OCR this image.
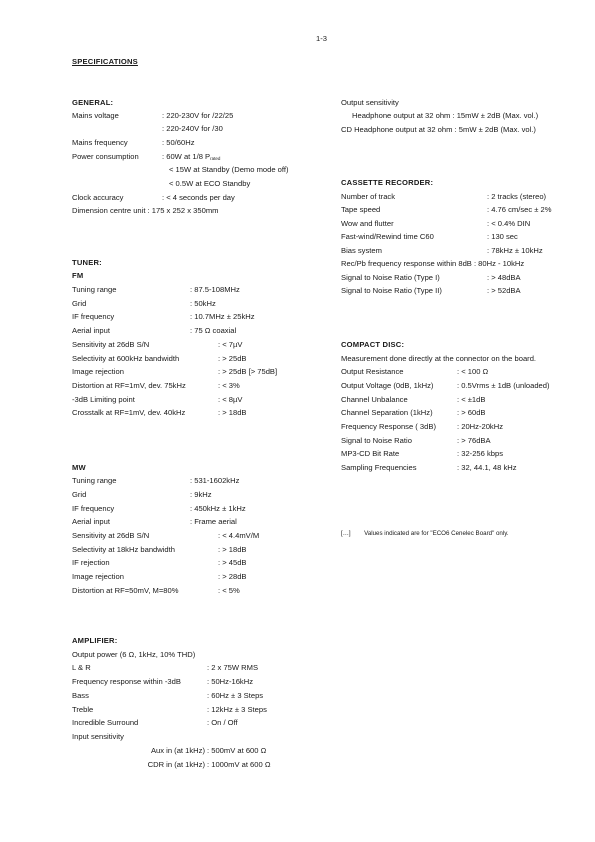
1-3
SPECIFICATIONS
GENERAL:
Mains voltage	: 220-230V for /22/25
: 220-240V for /30
Mains frequency	: 50/60Hz
Power consumption	: 60W at 1/8 $P_{rated}$
< 15W at Standby (Demo mode off)
< 0.5W at ECO Standby
Clock accuracy	: < 4 seconds per day
Dimension centre unit : 175 x 252 x 350mm
TUNER:
FM
Tuning range	: 87.5-108MHz
Grid	: 50kHz
IF frequency	: 10.7MHz ± 25kHz
Aerial input	: 75 Ω coaxial
Sensitivity at 26dB S/N	: < 7µV
Selectivity at 600kHz bandwidth	: > 25dB
Image rejection	: > 25dB [> 75dB]
Distortion at RF=1mV, dev. 75kHz	: < 3%
-3dB Limiting point	: < 8µV
Crosstalk at RF=1mV, dev. 40kHz	: > 18dB
MW
Tuning range	: 531-1602kHz
Grid	: 9kHz
IF frequency	: 450kHz ± 1kHz
Aerial input	: Frame aerial
Sensitivity at 26dB S/N	: < 4.4mV/M
Selectivity at 18kHz bandwidth	: > 18dB
IF rejection	: > 45dB
Image rejection	: > 28dB
Distortion at RF=50mV, M=80%	: < 5%
AMPLIFIER:
Output power (6 Ω, 1kHz, 10% THD)
L & R	: 2 x 75W RMS
Frequency response within -3dB	: 50Hz-16kHz
Bass	: 60Hz ± 3 Steps
Treble	: 12kHz ± 3 Steps
Incredible Surround	: On / Off
Input sensitivity
Aux in (at 1kHz) : 500mV at 600 Ω
CDR in (at 1kHz) : 1000mV at 600 Ω
Output sensitivity
Headphone output at 32 ohm : 15mW ± 2dB (Max. vol.)
CD Headphone output at 32 ohm : 5mW ± 2dB (Max. vol.)
CASSETTE RECORDER:
Number of track	: 2 tracks (stereo)
Tape speed	: 4.76 cm/sec ± 2%
Wow and flutter	: < 0.4% DIN
Fast-wind/Rewind time C60	: 130 sec
Bias system	: 78kHz ± 10kHz
Rec/Pb frequency response within 8dB : 80Hz - 10kHz
Signal to Noise Ratio (Type I)	: > 48dBA
Signal to Noise Ratio (Type II)	: > 52dBA
COMPACT DISC:
Measurement done directly at the connector on the board.
Output Resistance	: < 100 Ω
Output Voltage (0dB, 1kHz)	: 0.5Vrms ± 1dB (unloaded)
Channel Unbalance	: < ±1dB
Channel Separation (1kHz)	: > 60dB
Frequency Response ( 3dB)	: 20Hz-20kHz
Signal to Noise Ratio	: > 76dBA
MP3-CD Bit Rate	: 32-256 kbps
Sampling Frequencies	: 32, 44.1, 48 kHz
[…] Values indicated are for "ECO6 Cenelec Board" only.
